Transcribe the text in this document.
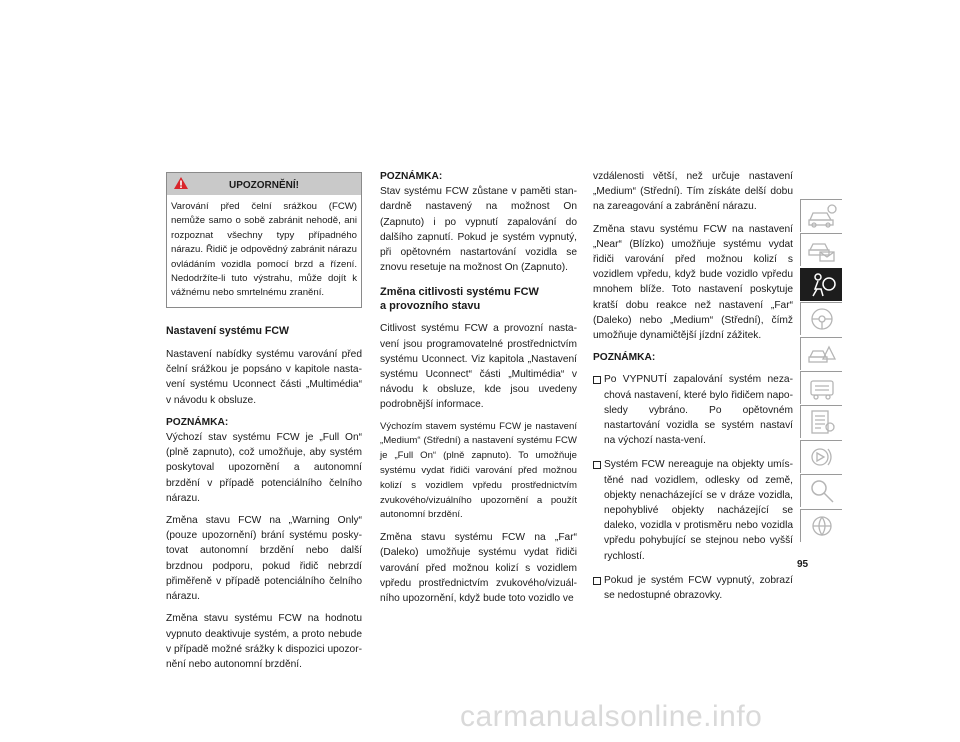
UPOZORNĚNÍ!
Varování před čelní srážkou (FCW) nemůže samo o sobě zabránit nehodě, ani rozpoznat všechny typy případného nárazu. Řidič je odpovědný zabránit nárazu ovládáním vozidla pomocí brzd a řízení. Nedodržíte-li tuto výstrahu, může dojít k vážnému nebo smrtelnému zranění.
Nastavení systému FCW

Nastavení nabídky systému varování před čelní srážkou je popsáno v kapitole nasta-vení systému Uconnect části „Multimédia“ v návodu k obsluze.

POZNÁMKA:
Výchozí stav systému FCW je „Full On“ (plně zapnuto), což umožňuje, aby systém poskytoval upozornění a autonomní brzdění v případě potenciálního čelního nárazu.

Změna stavu FCW na „Warning Only“ (pouze upozornění) brání systému posky-tovat autonomní brzdění nebo další brzdnou podporu, pokud řidič nebrzdí přiměřeně v případě potenciálního čelního nárazu.

Změna stavu systému FCW na hodnotu vypnuto deaktivuje systém, a proto nebude v případě možné srážky k dispozici upozor-nění nebo autonomní brzdění.

POZNÁMKA:
Stav systému FCW zůstane v paměti stan-dardně nastavený na možnost On (Zapnuto) i po vypnutí zapalování do dalšího zapnutí. Pokud je systém vypnutý, při opětovném nastartování vozidla se znovu resetuje na možnost On (Zapnuto).

Změna citlivosti systému FCW
a provozního stavu

Citlivost systému FCW a provozní nasta-vení jsou programovatelné prostřednictvím systému Uconnect. Viz kapitola „Nastavení systému Uconnect“ části „Multimédia“ v návodu k obsluze, kde jsou uvedeny podrobnější informace.

Výchozím stavem systému FCW je nastavení „Medium“ (Střední) a nastavení systému FCW je „Full On“ (plně zapnuto). To umožňuje systému vydat řidiči varování před možnou kolizí s vozidlem vpředu prostřednictvím zvukového/vizuálního upozornění a použít autonomní brzdění.

Změna stavu systému FCW na „Far“ (Daleko) umožňuje systému vydat řidiči varování před možnou kolizí s vozidlem vpředu prostřednictvím zvukového/vizuál-ního upozornění, když bude toto vozidlo ve

vzdálenosti větší, než určuje nastavení „Medium“ (Střední). Tím získáte delší dobu na zareagování a zabránění nárazu.

Změna stavu systému FCW na nastavení „Near“ (Blízko) umožňuje systému vydat řidiči varování před možnou kolizí s vozidlem vpředu, když bude vozidlo vpředu mnohem blíže. Toto nastavení poskytuje kratší dobu reakce než nastavení „Far“ (Daleko) nebo „Medium“ (Střední), čímž umožňuje dynamičtější jízdní zážitek.

POZNÁMKA:

Po VYPNUTÍ zapalování systém neza-chová nastavení, které bylo řidičem napo-sledy vybráno. Po opětovném nastartování vozidla se systém nastaví na výchozí nasta-vení.
Systém FCW nereaguje na objekty umís-těné nad vozidlem, odlesky od země, objekty nenacházející se v dráze vozidla, nepohyblivé objekty nacházející se daleko, vozidla v protisměru nebo vozidla vpředu pohybující se stejnou nebo vyšší rychlostí.
Pokud je systém FCW vypnutý, zobrazí se nedostupné obrazovky.
95
carmanualsonline.info
